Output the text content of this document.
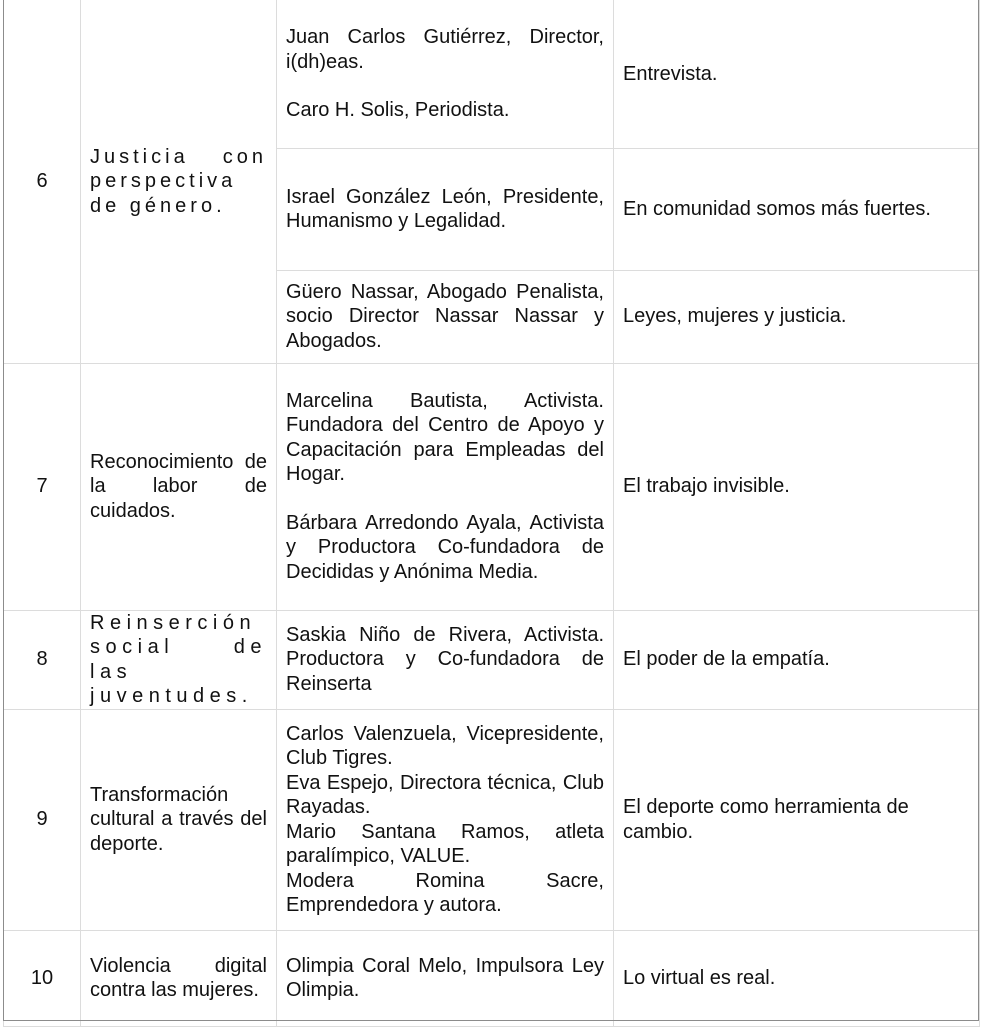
6	Justicia con perspectiva de género.	Juan Carlos Gutiérrez, Director, i(dh)eas.
Caro H. Solis, Periodista.	Entrevista.

		Israel González León, Presidente, Humanismo y Legalidad.	En comunidad somos más fuertes.

		Güero Nassar, Abogado Penalista, socio Director Nassar Nassar y Abogados.	Leyes, mujeres y justicia.
7	Reconocimiento de la labor de cuidados.	Marcelina Bautista, Activista. Fundadora del Centro de Apoyo y Capacitación para Empleadas del Hogar.
Bárbara Arredondo Ayala, Activista y Productora Co-fundadora de Decididas y Anónima Media.	El trabajo invisible.
8	Reinserción social de las juventudes.	Saskia Niño de Rivera, Activista. Productora y Co-fundadora de Reinserta	El poder de la empatía.
9	Transformación cultural a través del deporte.	Carlos Valenzuela, Vicepresidente, Club Tigres.
Eva Espejo, Directora técnica, Club Rayadas.
Mario Santana Ramos, atleta paralímpico, VALUE.
Modera Romina Sacre, Emprendedora y autora.	El deporte como herramienta de cambio.
10	Violencia digital contra las mujeres.	Olimpia Coral Melo, Impulsora Ley Olimpia.	Lo virtual es real.
